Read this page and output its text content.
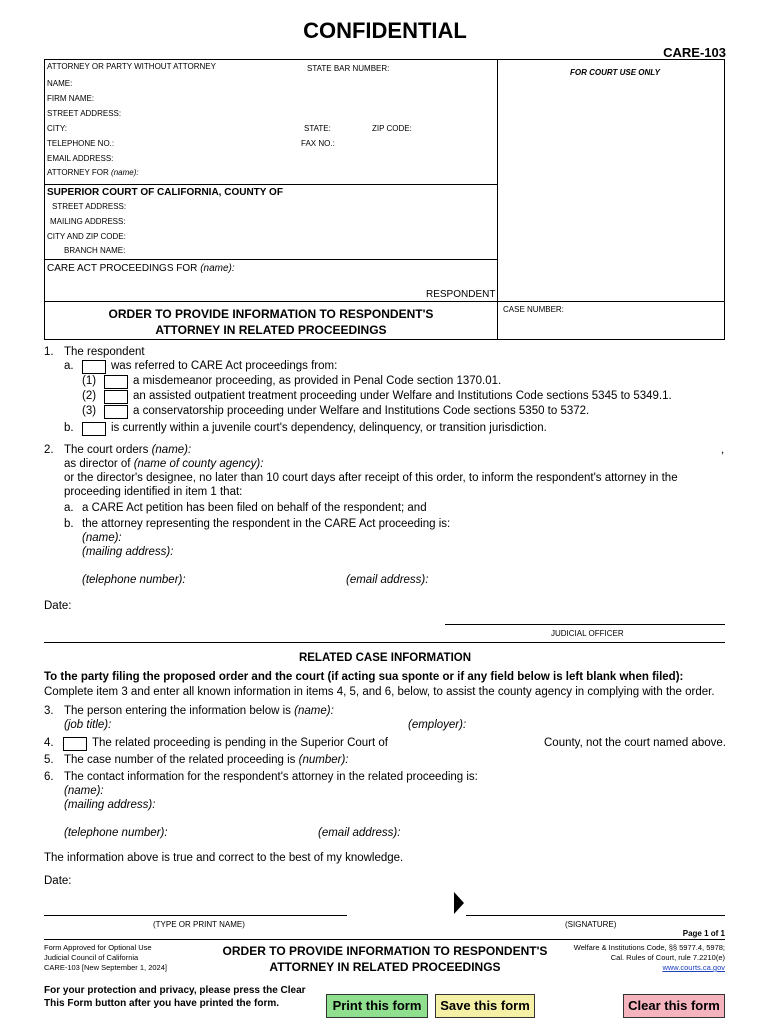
CONFIDENTIAL
CARE-103
ATTORNEY OR PARTY WITHOUT ATTORNEY	STATE BAR NUMBER:
NAME:
FIRM NAME:
STREET ADDRESS:
CITY:	STATE:	ZIP CODE:
TELEPHONE NO.:	FAX NO.:
EMAIL ADDRESS:
ATTORNEY FOR (name):
FOR COURT USE ONLY
SUPERIOR COURT OF CALIFORNIA, COUNTY OF
STREET ADDRESS:
MAILING ADDRESS:
CITY AND ZIP CODE:
BRANCH NAME:
CARE ACT PROCEEDINGS FOR (name):
RESPONDENT
ORDER TO PROVIDE INFORMATION TO RESPONDENT'S
ATTORNEY IN RELATED PROCEEDINGS
CASE NUMBER:
1. The respondent
a.	was referred to CARE Act proceedings from:
(1)	a misdemeanor proceeding, as provided in Penal Code section 1370.01.
(2)	an assisted outpatient treatment proceeding under Welfare and Institutions Code sections 5345 to 5349.1.
(3)	a conservatorship proceeding under Welfare and Institutions Code sections 5350 to 5372.
b.	is currently within a juvenile court's dependency, delinquency, or transition jurisdiction.
2. The court orders (name):	,
as director of (name of county agency):
or the director's designee, no later than 10 court days after receipt of this order, to inform the respondent's attorney in the
proceeding identified in item 1 that:
a. a CARE Act petition has been filed on behalf of the respondent; and
b. the attorney representing the respondent in the CARE Act proceeding is:
(name):
(mailing address):
(telephone number):	(email address):
Date:
JUDICIAL OFFICER
RELATED CASE INFORMATION
To the party filing the proposed order and the court (if acting sua sponte or if any field below is left blank when filed):
Complete item 3 and enter all known information in items 4, 5, and 6, below, to assist the county agency in complying with the order.
3. The person entering the information below is (name):
(job title):	(employer):
4.	The related proceeding is pending in the Superior Court of	County, not the court named above.
5. The case number of the related proceeding is (number):
6. The contact information for the respondent's attorney in the related proceeding is:
(name):
(mailing address):
(telephone number):	(email address):
The information above is true and correct to the best of my knowledge.
Date:
(TYPE OR PRINT NAME)	(SIGNATURE)
Page 1 of 1
Form Approved for Optional Use
Judicial Council of California
CARE-103 [New September 1, 2024]
ORDER TO PROVIDE INFORMATION TO RESPONDENT'S
ATTORNEY IN RELATED PROCEEDINGS
Welfare & Institutions Code, §§ 5977.4, 5978;
Cal. Rules of Court, rule 7.2210(e)
www.courts.ca.gov
For your protection and privacy, please press the Clear
This Form button after you have printed the form.	Print this form	Save this form	Clear this form
